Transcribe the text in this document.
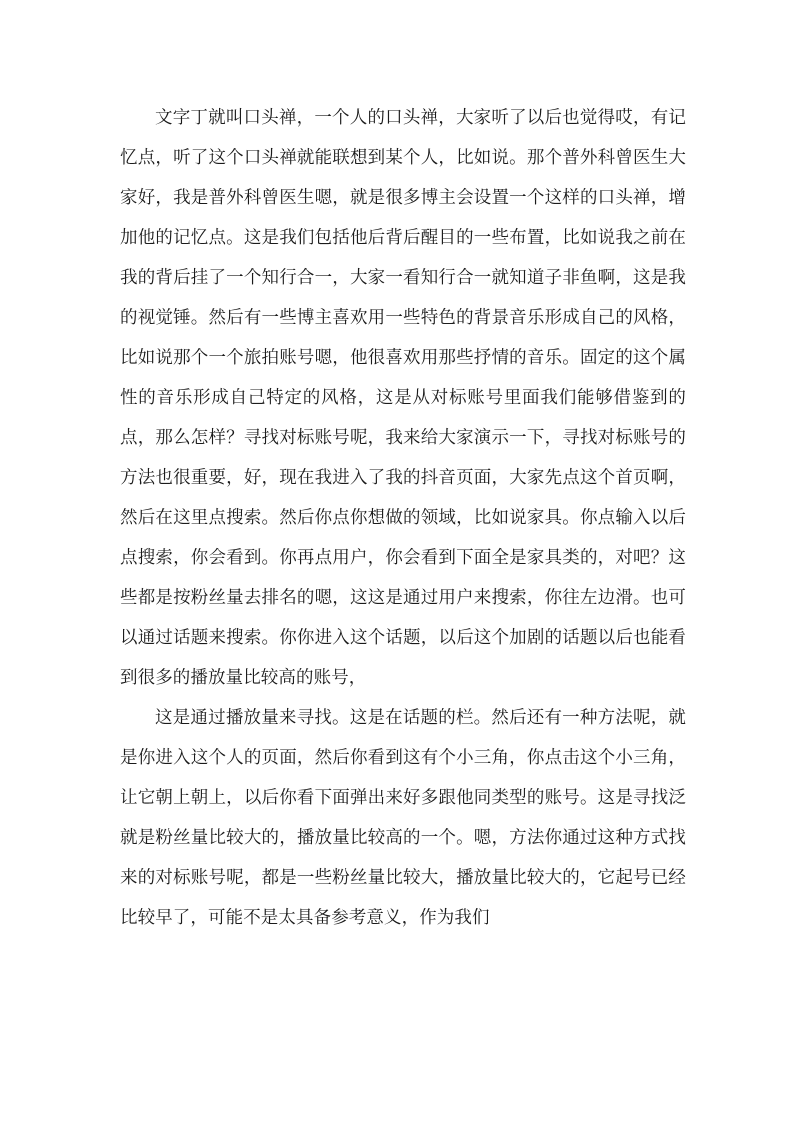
文字丁就叫口头禅，一个人的口头禅，大家听了以后也觉得哎，有记忆点，听了这个口头禅就能联想到某个人，比如说。那个普外科曾医生大家好，我是普外科曾医生嗯，就是很多博主会设置一个这样的口头禅，增加他的记忆点。这是我们包括他后背后醒目的一些布置，比如说我之前在我的背后挂了一个知行合一，大家一看知行合一就知道子非鱼啊，这是我的视觉锤。然后有一些博主喜欢用一些特色的背景音乐形成自己的风格，比如说那个一个旅拍账号嗯，他很喜欢用那些抒情的音乐。固定的这个属性的音乐形成自己特定的风格，这是从对标账号里面我们能够借鉴到的点，那么怎样？寻找对标账号呢，我来给大家演示一下，寻找对标账号的方法也很重要，好，现在我进入了我的抖音页面，大家先点这个首页啊，然后在这里点搜索。然后你点你想做的领域，比如说家具。你点输入以后点搜索，你会看到。你再点用户，你会看到下面全是家具类的，对吧？这些都是按粉丝量去排名的嗯，这这是通过用户来搜索，你往左边滑。也可以通过话题来搜索。你你进入这个话题，以后这个加剧的话题以后也能看到很多的播放量比较高的账号，

这是通过播放量来寻找。这是在话题的栏。然后还有一种方法呢，就是你进入这个人的页面，然后你看到这有个小三角，你点击这个小三角，让它朝上朝上，以后你看下面弹出来好多跟他同类型的账号。这是寻找泛就是粉丝量比较大的，播放量比较高的一个。嗯，方法你通过这种方式找来的对标账号呢，都是一些粉丝量比较大，播放量比较大的，它起号已经比较早了，可能不是太具备参考意义，作为我们
